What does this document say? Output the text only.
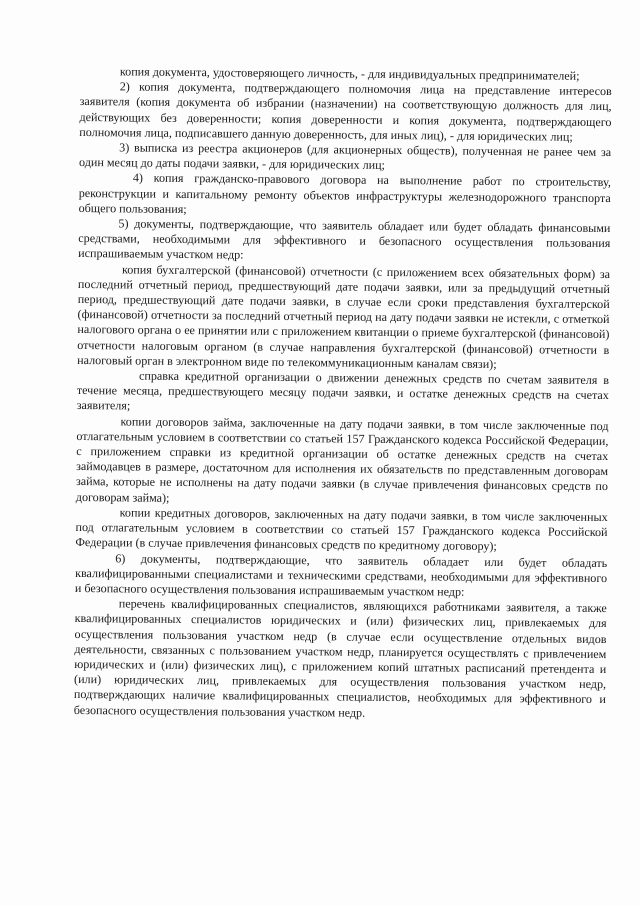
копия документа, удостоверяющего личность, - для индивидуальных предпринимателей;

2) копия документа, подтверждающего полномочия лица на представление интересов заявителя (копия документа об избрании (назначении) на соответствующую должность для лиц, действующих без доверенности; копия доверенности и копия документа, подтверждающего полномочия лица, подписавшего данную доверенность, для иных лиц), - для юридических лиц;

3) выписка из реестра акционеров (для акционерных обществ), полученная не ранее чем за один месяц до даты подачи заявки, - для юридических лиц;

4) копия гражданско-правового договора на выполнение работ по строительству, реконструкции и капитальному ремонту объектов инфраструктуры железнодорожного транспорта общего пользования;

5) документы, подтверждающие, что заявитель обладает или будет обладать финансовыми средствами, необходимыми для эффективного и безопасного осуществления пользования испрашиваемым участком недр:

копия бухгалтерской (финансовой) отчетности (с приложением всех обязательных форм) за последний отчетный период, предшествующий дате подачи заявки, или за предыдущий отчетный период, предшествующий дате подачи заявки, в случае если сроки представления бухгалтерской (финансовой) отчетности за последний отчетный период на дату подачи заявки не истекли, с отметкой налогового органа о ее принятии или с приложением квитанции о приеме бухгалтерской (финансовой) отчетности налоговым органом (в случае направления бухгалтерской (финансовой) отчетности в налоговый орган в электронном виде по телекоммуникационным каналам связи);

справка кредитной организации о движении денежных средств по счетам заявителя в течение месяца, предшествующего месяцу подачи заявки, и остатке денежных средств на счетах заявителя;

копии договоров займа, заключенные на дату подачи заявки, в том числе заключенные под отлагательным условием в соответствии со статьей 157 Гражданского кодекса Российской Федерации, с приложением справки из кредитной организации об остатке денежных средств на счетах займодавцев в размере, достаточном для исполнения их обязательств по представленным договорам займа, которые не исполнены на дату подачи заявки (в случае привлечения финансовых средств по договорам займа);

копии кредитных договоров, заключенных на дату подачи заявки, в том числе заключенных под отлагательным условием в соответствии со статьей 157 Гражданского кодекса Российской Федерации (в случае привлечения финансовых средств по кредитному договору);

6) документы, подтверждающие, что заявитель обладает или будет обладать квалифицированными специалистами и техническими средствами, необходимыми для эффективного и безопасного осуществления пользования испрашиваемым участком недр:

перечень квалифицированных специалистов, являющихся работниками заявителя, а также квалифицированных специалистов юридических и (или) физических лиц, привлекаемых для осуществления пользования участком недр (в случае если осуществление отдельных видов деятельности, связанных с пользованием участком недр, планируется осуществлять с привлечением юридических и (или) физических лиц), с приложением копий штатных расписаний претендента и (или) юридических лиц, привлекаемых для осуществления пользования участком недр, подтверждающих наличие квалифицированных специалистов, необходимых для эффективного и безопасного осуществления пользования участком недр.
